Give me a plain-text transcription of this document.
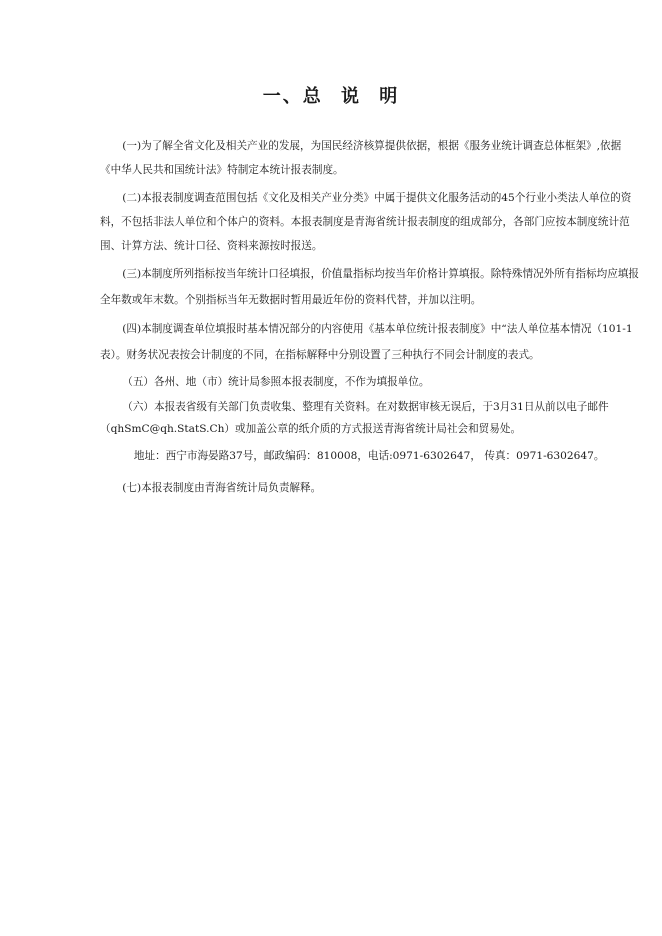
一、总 说 明

(一)为了解全省文化及相关产业的发展，为国民经济核算提供依据，根据《服务业统计调查总体框架》,依据《中华人民共和国统计法》特制定本统计报表制度。

(二)本报表制度调查范围包括《文化及相关产业分类》中属于提供文化服务活动的45个行业小类法人单位的资料，不包括非法人单位和个体户的资料。本报表制度是青海省统计报表制度的组成部分，各部门应按本制度统计范围、计算方法、统计口径、资料来源按时报送。

(三)本制度所列指标按当年统计口径填报，价值量指标均按当年价格计算填报。除特殊情况外所有指标均应填报全年数或年末数。个别指标当年无数据时暂用最近年份的资料代替，并加以注明。

(四)本制度调查单位填报时基本情况部分的内容使用《基本单位统计报表制度》中“法人单位基本情况（101-1表）。财务状况表按会计制度的不同，在指标解释中分别设置了三种执行不同会计制度的表式。

（五）各州、地（市）统计局参照本报表制度，不作为填报单位。

（六）本报表省级有关部门负责收集、整理有关资料。在对数据审核无误后，于3月31日从前以电子邮件（qhSmC@qh.StatS.Ch）或加盖公章的纸介质的方式报送青海省统计局社会和贸易处。

地址：西宁市海晏路37号，邮政编码：810008，电话:0971-6302647， 传真：0971-6302647。

(七)本报表制度由青海省统计局负责解释。
